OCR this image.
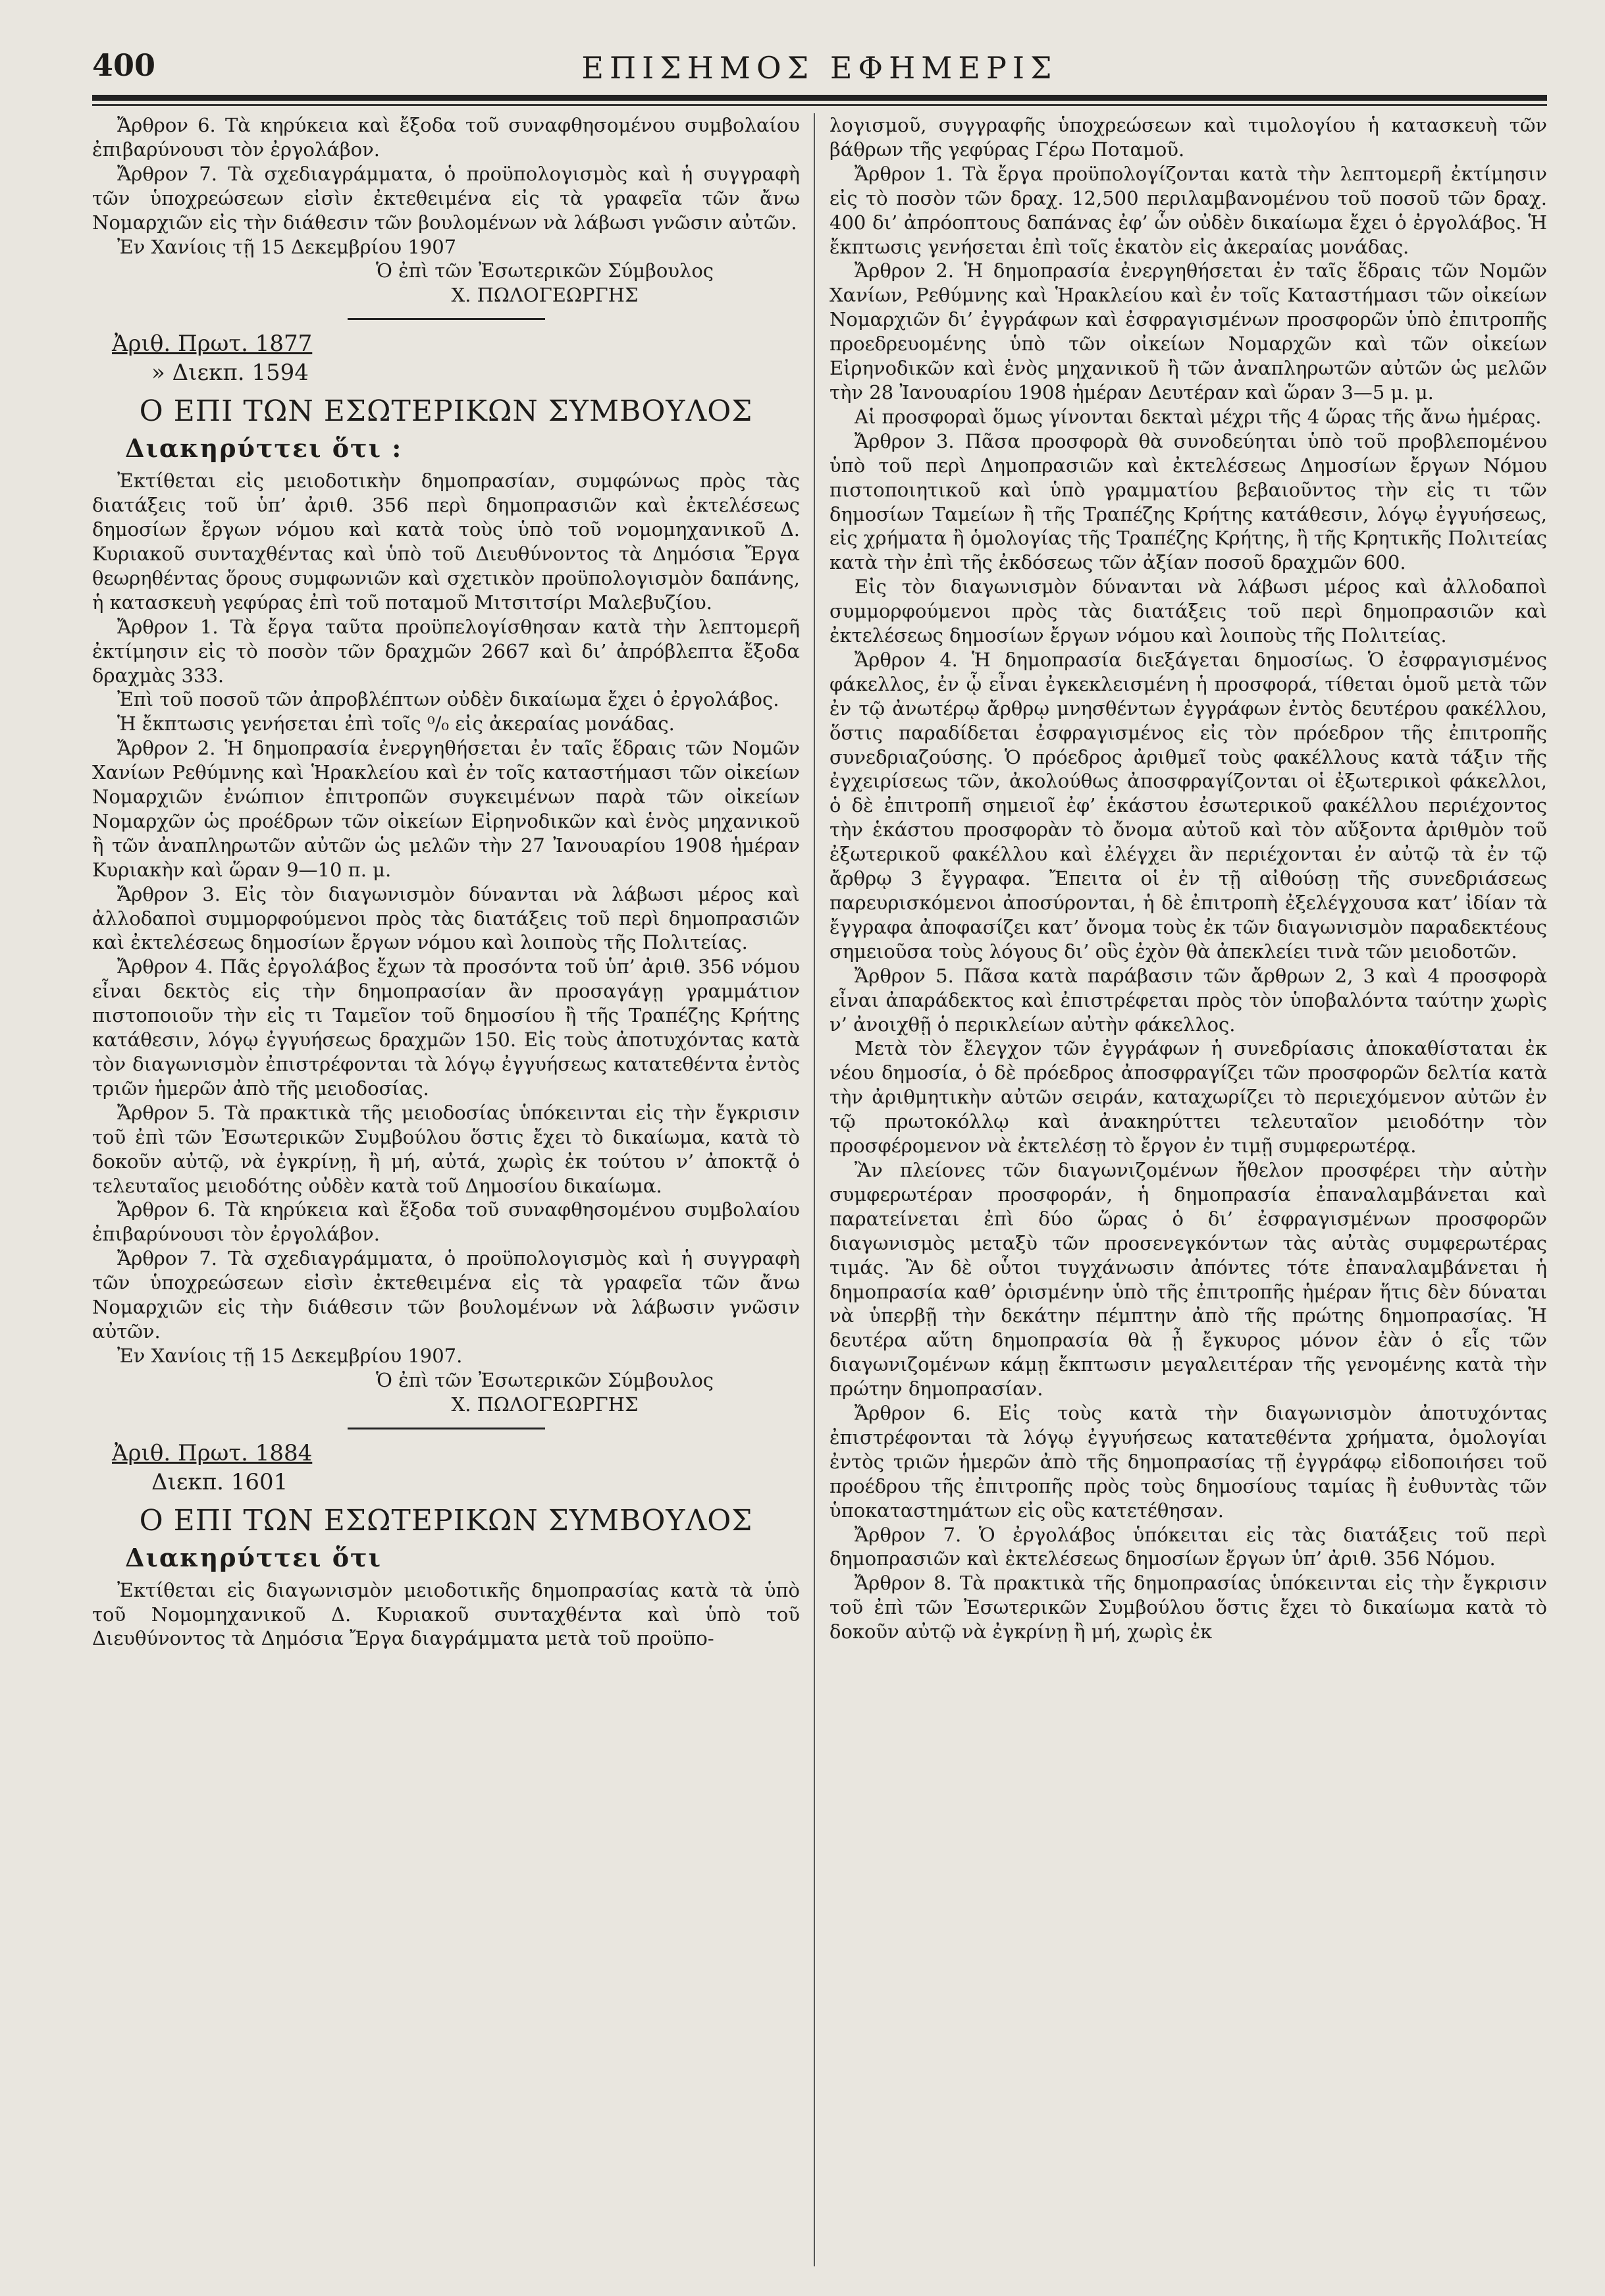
400	ΕΠΙΣΗΜΟΣ ΕΦΗΜΕΡΙΣ

Ἄρθρον 6. Τὰ κηρύκεια καὶ ἔξοδα τοῦ συναφθησομένου συμβολαίου ἐπιβαρύνουσι τὸν ἐργολάβον.

Ἄρθρον 7. Τὰ σχεδιαγράμματα, ὁ προϋπολογισμὸς καὶ ἡ συγγραφὴ τῶν ὑποχρεώσεων εἰσὶν ἐκτεθειμένα εἰς τὰ γραφεῖα τῶν ἄνω Νομαρχιῶν εἰς τὴν διάθεσιν τῶν βουλομένων νὰ λάβωσι γνῶσιν αὐτῶν.

Ἐν Χανίοις τῇ 15 Δεκεμβρίου 1907

Ὁ ἐπὶ τῶν Ἐσωτερικῶν Σύμβουλος
Χ. ΠΩΛΟΓΕΩΡΓΗΣ
Ἀριθ. Πρωτ. 1877
» Διεκπ. 1594
Ο ΕΠΙ ΤΩΝ ΕΣΩΤΕΡΙΚΩΝ ΣΥΜΒΟΥΛΟΣ
Διακηρύττει ὅτι :

Ἐκτίθεται εἰς μειοδοτικὴν δημοπρασίαν, συμφώνως πρὸς τὰς διατάξεις τοῦ ὑπ’ ἀριθ. 356 περὶ δημοπρασιῶν καὶ ἐκτελέσεως δημοσίων ἔργων νόμου καὶ κατὰ τοὺς ὑπὸ τοῦ νομομηχανικοῦ Δ. Κυριακοῦ συνταχθέντας καὶ ὑπὸ τοῦ Διευθύνοντος τὰ Δημόσια Ἔργα θεωρηθέντας ὅρους συμφωνιῶν καὶ σχετικὸν προϋπολογισμὸν δαπάνης, ἡ κατασκευὴ γεφύρας ἐπὶ τοῦ ποταμοῦ Μιτσιτσίρι Μαλεβυζίου.

Ἄρθρον 1. Τὰ ἔργα ταῦτα προϋπελογίσθησαν κατὰ τὴν λεπτομερῆ ἐκτίμησιν εἰς τὸ ποσὸν τῶν δραχμῶν 2667 καὶ δι’ ἀπρόβλεπτα ἔξοδα δραχμὰς 333.

Ἐπὶ τοῦ ποσοῦ τῶν ἀπροβλέπτων οὐδὲν δικαίωμα ἔχει ὁ ἐργολάβος.

Ἡ ἔκπτωσις γενήσεται ἐπὶ τοῖς ⁰/₀ εἰς ἀκεραίας μονάδας.

Ἄρθρον 2. Ἡ δημοπρασία ἐνεργηθήσεται ἐν ταῖς ἕδραις τῶν Νομῶν Χανίων Ρεθύμνης καὶ Ἡρακλείου καὶ ἐν τοῖς καταστήμασι τῶν οἰκείων Νομαρχιῶν ἐνώπιον ἐπιτροπῶν συγκειμένων παρὰ τῶν οἰκείων Νομαρχῶν ὡς προέδρων τῶν οἰκείων Εἰρηνοδικῶν καὶ ἑνὸς μηχανικοῦ ἢ τῶν ἀναπληρωτῶν αὐτῶν ὡς μελῶν τὴν 27 Ἰανουαρίου 1908 ἡμέραν Κυριακὴν καὶ ὥραν 9—10 π. μ.

Ἄρθρον 3. Εἰς τὸν διαγωνισμὸν δύνανται νὰ λάβωσι μέρος καὶ ἀλλοδαποὶ συμμορφούμενοι πρὸς τὰς διατάξεις τοῦ περὶ δημοπρασιῶν καὶ ἐκτελέσεως δημοσίων ἔργων νόμου καὶ λοιποὺς τῆς Πολιτείας.

Ἄρθρον 4. Πᾶς ἐργολάβος ἔχων τὰ προσόντα τοῦ ὑπ’ ἀριθ. 356 νόμου εἶναι δεκτὸς εἰς τὴν δημοπρασίαν ἂν προσαγάγῃ γραμμάτιον πιστοποιοῦν τὴν εἰς τι Ταμεῖον τοῦ δημοσίου ἢ τῆς Τραπέζης Κρήτης κατάθεσιν, λόγῳ ἐγγυήσεως δραχμῶν 150. Εἰς τοὺς ἀποτυχόντας κατὰ τὸν διαγωνισμὸν ἐπιστρέφονται τὰ λόγῳ ἐγγυήσεως κατατεθέντα ἐντὸς τριῶν ἡμερῶν ἀπὸ τῆς μειοδοσίας.

Ἄρθρον 5. Τὰ πρακτικὰ τῆς μειοδοσίας ὑπόκεινται εἰς τὴν ἔγκρισιν τοῦ ἐπὶ τῶν Ἐσωτερικῶν Συμβούλου ὅστις ἔχει τὸ δικαίωμα, κατὰ τὸ δοκοῦν αὐτῷ, νὰ ἐγκρίνῃ, ἢ μή, αὐτά, χωρὶς ἐκ τούτου ν’ ἀποκτᾷ ὁ τελευταῖος μειοδότης οὐδὲν κατὰ τοῦ Δημοσίου δικαίωμα.

Ἄρθρον 6. Τὰ κηρύκεια καὶ ἔξοδα τοῦ συναφθησομένου συμβολαίου ἐπιβαρύνουσι τὸν ἐργολάβον.

Ἄρθρον 7. Τὰ σχεδιαγράμματα, ὁ προϋπολογισμὸς καὶ ἡ συγγραφὴ τῶν ὑποχρεώσεων εἰσὶν ἐκτεθειμένα εἰς τὰ γραφεῖα τῶν ἄνω Νομαρχιῶν εἰς τὴν διάθεσιν τῶν βουλομένων νὰ λάβωσιν γνῶσιν αὐτῶν.

Ἐν Χανίοις τῇ 15 Δεκεμβρίου 1907.

Ὁ ἐπὶ τῶν Ἐσωτερικῶν Σύμβουλος
Χ. ΠΩΛΟΓΕΩΡΓΗΣ
Ἀριθ. Πρωτ. 1884
Διεκπ. 1601
Ο ΕΠΙ ΤΩΝ ΕΣΩΤΕΡΙΚΩΝ ΣΥΜΒΟΥΛΟΣ
Διακηρύττει ὅτι

Ἐκτίθεται εἰς διαγωνισμὸν μειοδοτικῆς δημοπρασίας κατὰ τὰ ὑπὸ τοῦ Νομομηχανικοῦ Δ. Κυριακοῦ συνταχθέντα καὶ ὑπὸ τοῦ Διευθύνοντος τὰ Δημόσια Ἔργα διαγράμματα μετὰ τοῦ προϋπο-

λογισμοῦ, συγγραφῆς ὑποχρεώσεων καὶ τιμολογίου ἡ κατασκευὴ τῶν βάθρων τῆς γεφύρας Γέρω Ποταμοῦ.

Ἄρθρον 1. Τὰ ἔργα προϋπολογίζονται κατὰ τὴν λεπτομερῆ ἐκτίμησιν εἰς τὸ ποσὸν τῶν δραχ. 12,500 περιλαμβανομένου τοῦ ποσοῦ τῶν δραχ. 400 δι’ ἀπρόοπτους δαπάνας ἐφ’ ὧν οὐδὲν δικαίωμα ἔχει ὁ ἐργολάβος. Ἡ ἔκπτωσις γενήσεται ἐπὶ τοῖς ἑκατὸν εἰς ἀκεραίας μονάδας.

Ἄρθρον 2. Ἡ δημοπρασία ἐνεργηθήσεται ἐν ταῖς ἕδραις τῶν Νομῶν Χανίων, Ρεθύμνης καὶ Ἡρακλείου καὶ ἐν τοῖς Καταστήμασι τῶν οἰκείων Νομαρχιῶν δι’ ἐγγράφων καὶ ἐσφραγισμένων προσφορῶν ὑπὸ ἐπιτροπῆς προεδρευομένης ὑπὸ τῶν οἰκείων Νομαρχῶν καὶ τῶν οἰκείων Εἰρηνοδικῶν καὶ ἑνὸς μηχανικοῦ ἢ τῶν ἀναπληρωτῶν αὐτῶν ὡς μελῶν τὴν 28 Ἰανουαρίου 1908 ἡμέραν Δευτέραν καὶ ὥραν 3—5 μ. μ.

Αἱ προσφοραὶ ὅμως γίνονται δεκταὶ μέχρι τῆς 4 ὥρας τῆς ἄνω ἡμέρας.

Ἄρθρον 3. Πᾶσα προσφορὰ θὰ συνοδεύηται ὑπὸ τοῦ προβλεπομένου ὑπὸ τοῦ περὶ Δημοπρασιῶν καὶ ἐκτελέσεως Δημοσίων ἔργων Νόμου πιστοποιητικοῦ καὶ ὑπὸ γραμματίου βεβαιοῦντος τὴν εἰς τι τῶν δημοσίων Ταμείων ἢ τῆς Τραπέζης Κρήτης κατάθεσιν, λόγῳ ἐγγυήσεως, εἰς χρήματα ἢ ὁμολογίας τῆς Τραπέζης Κρήτης, ἢ τῆς Κρητικῆς Πολιτείας κατὰ τὴν ἐπὶ τῆς ἐκδόσεως τῶν ἀξίαν ποσοῦ δραχμῶν 600.

Εἰς τὸν διαγωνισμὸν δύνανται νὰ λάβωσι μέρος καὶ ἀλλοδαποὶ συμμορφούμενοι πρὸς τὰς διατάξεις τοῦ περὶ δημοπρασιῶν καὶ ἐκτελέσεως δημοσίων ἔργων νόμου καὶ λοιποὺς τῆς Πολιτείας.

Ἄρθρον 4. Ἡ δημοπρασία διεξάγεται δημοσίως. Ὁ ἐσφραγισμένος φάκελλος, ἐν ᾧ εἶναι ἐγκεκλεισμένη ἡ προσφορά, τίθεται ὁμοῦ μετὰ τῶν ἐν τῷ ἀνωτέρῳ ἄρθρῳ μνησθέντων ἐγγράφων ἐντὸς δευτέρου φακέλλου, ὅστις παραδίδεται ἐσφραγισμένος εἰς τὸν πρόεδρον τῆς ἐπιτροπῆς συνεδριαζούσης. Ὁ πρόεδρος ἀριθμεῖ τοὺς φακέλλους κατὰ τάξιν τῆς ἐγχειρίσεως τῶν, ἀκολούθως ἀποσφραγίζονται οἱ ἐξωτερικοὶ φάκελλοι, ὁ δὲ ἐπιτροπῆ σημειοῖ ἐφ’ ἑκάστου ἐσωτερικοῦ φακέλλου περιέχοντος τὴν ἑκάστου προσφορὰν τὸ ὄνομα αὐτοῦ καὶ τὸν αὔξοντα ἀριθμὸν τοῦ ἐξωτερικοῦ φακέλλου καὶ ἐλέγχει ἂν περιέχονται ἐν αὐτῷ τὰ ἐν τῷ ἄρθρῳ 3 ἔγγραφα. Ἔπειτα οἱ ἐν τῇ αἰθούσῃ τῆς συνεδριάσεως παρευρισκόμενοι ἀποσύρονται, ἡ δὲ ἐπιτροπὴ ἐξελέγχουσα κατ’ ἰδίαν τὰ ἔγγραφα ἀποφασίζει κατ’ ὄνομα τοὺς ἐκ τῶν διαγωνισμὸν παραδεκτέους σημειοῦσα τοὺς λόγους δι’ οὓς ἐχὸν θὰ ἀπεκλείει τινὰ τῶν μειοδοτῶν.

Ἄρθρον 5. Πᾶσα κατὰ παράβασιν τῶν ἄρθρων 2, 3 καὶ 4 προσφορὰ εἶναι ἀπαράδεκτος καὶ ἐπιστρέφεται πρὸς τὸν ὑποβαλόντα ταύτην χωρὶς ν’ ἀνοιχθῇ ὁ περικλείων αὐτὴν φάκελλος.

Μετὰ τὸν ἔλεγχον τῶν ἐγγράφων ἡ συνεδρίασις ἀποκαθίσταται ἐκ νέου δημοσία, ὁ δὲ πρόεδρος ἀποσφραγίζει τῶν προσφορῶν δελτία κατὰ τὴν ἀριθμητικὴν αὐτῶν σειράν, καταχωρίζει τὸ περιεχόμενον αὐτῶν ἐν τῷ πρωτοκόλλῳ καὶ ἀνακηρύττει τελευταῖον μειοδότην τὸν προσφέρομενον νὰ ἐκτελέσῃ τὸ ἔργον ἐν τιμῇ συμφερωτέρᾳ.

Ἂν πλείονες τῶν διαγωνιζομένων ἤθελον προσφέρει τὴν αὐτὴν συμφερωτέραν προσφοράν, ἡ δημοπρασία ἐπαναλαμβάνεται καὶ παρατείνεται ἐπὶ δύο ὥρας ὁ δι’ ἐσφραγισμένων προσφορῶν διαγωνισμὸς μεταξὺ τῶν προσενεγκόντων τὰς αὐτὰς συμφερωτέρας τιμάς. Ἂν δὲ οὗτοι τυγχάνωσιν ἀπόντες τότε ἐπαναλαμβάνεται ἡ δημοπρασία καθ’ ὁρισμένην ὑπὸ τῆς ἐπιτροπῆς ἡμέραν ἥτις δὲν δύναται νὰ ὑπερβῇ τὴν δεκάτην πέμπτην ἀπὸ τῆς πρώτης δημοπρασίας. Ἡ δευτέρα αὕτη δημοπρασία θὰ ᾖ ἔγκυρος μόνον ἐὰν ὁ εἷς τῶν διαγωνιζομένων κάμῃ ἔκπτωσιν μεγαλειτέραν τῆς γενομένης κατὰ τὴν πρώτην δημοπρασίαν.

Ἄρθρον 6. Εἰς τοὺς κατὰ τὴν διαγωνισμὸν ἀποτυχόντας ἐπιστρέφονται τὰ λόγῳ ἐγγυήσεως κατατεθέντα χρήματα, ὁμολογίαι ἐντὸς τριῶν ἡμερῶν ἀπὸ τῆς δημοπρασίας τῇ ἐγγράφῳ εἰδοποιήσει τοῦ προέδρου τῆς ἐπιτροπῆς πρὸς τοὺς δημοσίους ταμίας ἢ ἐυθυντὰς τῶν ὑποκαταστημάτων εἰς οὓς κατετέθησαν.

Ἄρθρον 7. Ὁ ἐργολάβος ὑπόκειται εἰς τὰς διατάξεις τοῦ περὶ δημοπρασιῶν καὶ ἐκτελέσεως δημοσίων ἔργων ὑπ’ ἀριθ. 356 Νόμου.

Ἄρθρον 8. Τὰ πρακτικὰ τῆς δημοπρασίας ὑπόκεινται εἰς τὴν ἔγκρισιν τοῦ ἐπὶ τῶν Ἐσωτερικῶν Συμβούλου ὅστις ἔχει τὸ δικαίωμα κατὰ τὸ δοκοῦν αὐτῷ νὰ ἐγκρίνῃ ἢ μή, χωρὶς ἐκ
